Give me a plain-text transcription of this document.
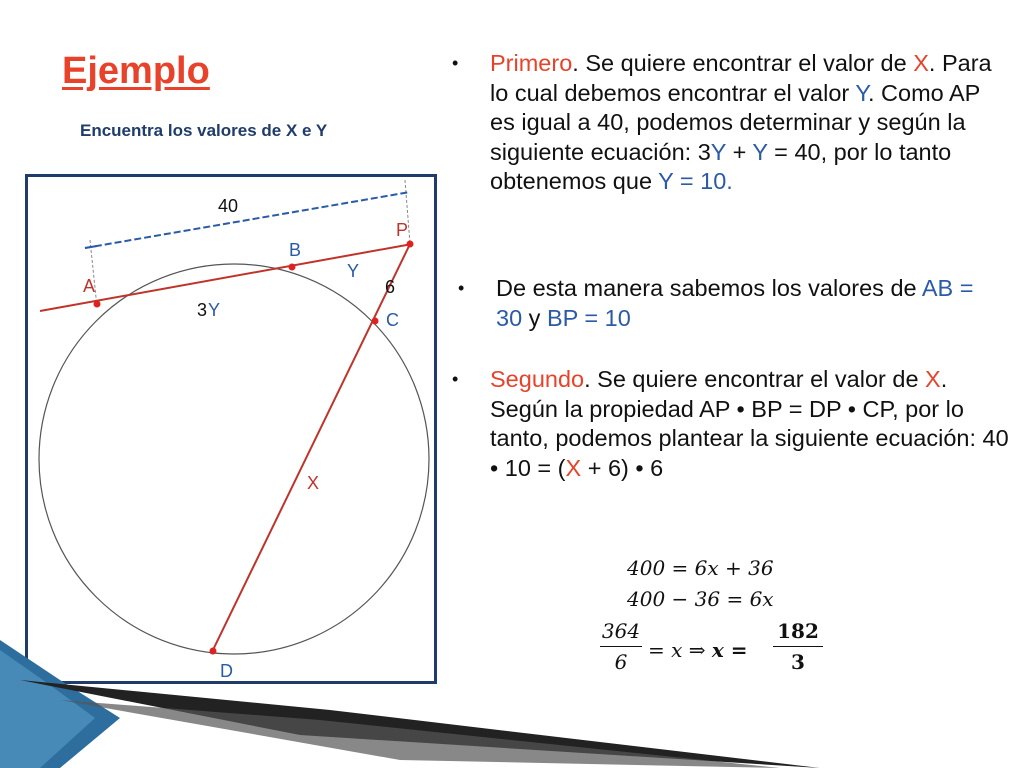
Ejemplo
Encuentra los valores de X e Y
40
A
B
P
C
D
Y
3 Y
6
X
• Primero. Se quiere encontrar el valor de X. Para lo cual debemos encontrar el valor Y. Como AP es igual a 40, podemos determinar y según la siguiente ecuación: 3Y + Y = 40, por lo tanto obtenemos que Y = 10.
• De esta manera sabemos los valores de AB = 30 y BP = 10
• Segundo. Se quiere encontrar el valor de X. Según la propiedad AP • BP = DP • CP, por lo tanto, podemos plantear la siguiente ecuación: 40 • 10 = (X + 6) • 6
400 = 6x + 36
400 − 36 = 6x
364
6	= x ⇒ x =
182
3
